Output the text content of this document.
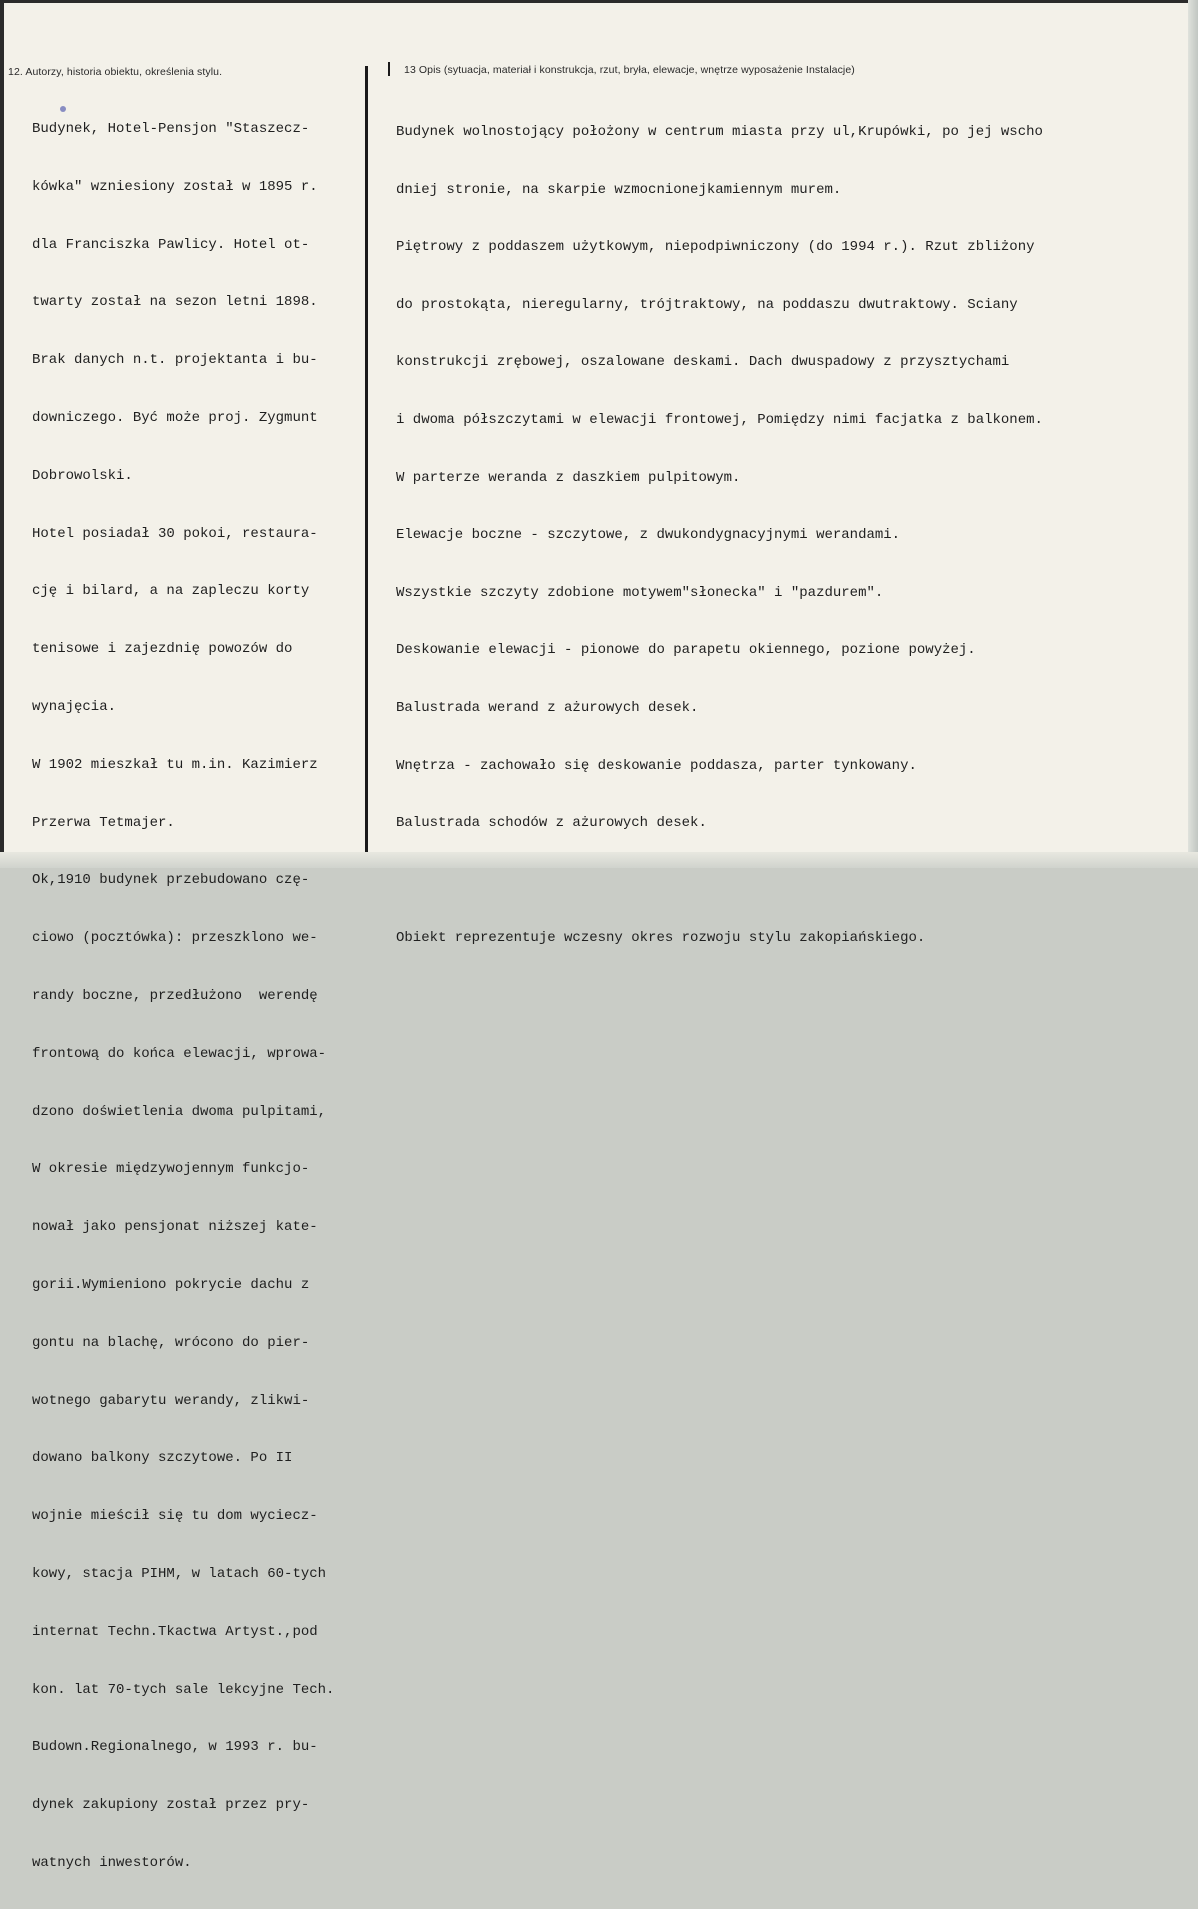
12. Autorzy, historia obiektu, określenia stylu.	13 Opis (sytuacja, materiał i konstrukcja, rzut, bryła, elewacje, wnętrze wyposażenie Instalacje)

Budynek, Hotel-Pensjon "Staszecz-

kówka" wzniesiony został w 1895 r.

dla Franciszka Pawlicy. Hotel ot-

twarty został na sezon letni 1898.

Brak danych n.t. projektanta i bu-

downiczego. Być może proj. Zygmunt

Dobrowolski.

Hotel posiadał 30 pokoi, restaura-

cję i bilard, a na zapleczu korty

tenisowe i zajezdnię powozów do

wynajęcia.

W 1902 mieszkał tu m.in. Kazimierz

Przerwa Tetmajer.

Ok,1910 budynek przebudowano czę-

ciowo (pocztówka): przeszklono we-

randy boczne, przedłużono  werendę

frontową do końca elewacji, wprowa-

dzono doświetlenia dwoma pulpitami,

W okresie międzywojennym funkcjo-

nował jako pensjonat niższej kate-

gorii.Wymieniono pokrycie dachu z

gontu na blachę, wrócono do pier-

wotnego gabarytu werandy, zlikwi-

dowano balkony szczytowe. Po II

wojnie mieścił się tu dom wyciecz-

kowy, stacja PIHM, w latach 60-tych

internat Techn.Tkactwa Artyst.,pod

kon. lat 70-tych sale lekcyjne Tech.

Budown.Regionalnego, w 1993 r. bu-

dynek zakupiony został przez pry-

watnych inwestorów.

Budynek wolnostojący położony w centrum miasta przy ul,Krupówki, po jej wscho

dniej stronie, na skarpie wzmocnionejkamiennym murem.

Piętrowy z poddaszem użytkowym, niepodpiwniczony (do 1994 r.). Rzut zbliżony

do prostokąta, nieregularny, trójtraktowy, na poddaszu dwutraktowy. Sciany

konstrukcji zrębowej, oszalowane deskami. Dach dwuspadowy z przysztychami

i dwoma półszczytami w elewacji frontowej, Pomiędzy nimi facjatka z balkonem.

W parterze weranda z daszkiem pulpitowym.

Elewacje boczne - szczytowe, z dwukondygnacyjnymi werandami.

Wszystkie szczyty zdobione motywem"słonecka" i "pazdurem".

Deskowanie elewacji - pionowe do parapetu okiennego, pozione powyżej.

Balustrada werand z ażurowych desek.

Wnętrza - zachowało się deskowanie poddasza, parter tynkowany.

Balustrada schodów z ażurowych desek.

Obiekt reprezentuje wczesny okres rozwoju stylu zakopiańskiego.
